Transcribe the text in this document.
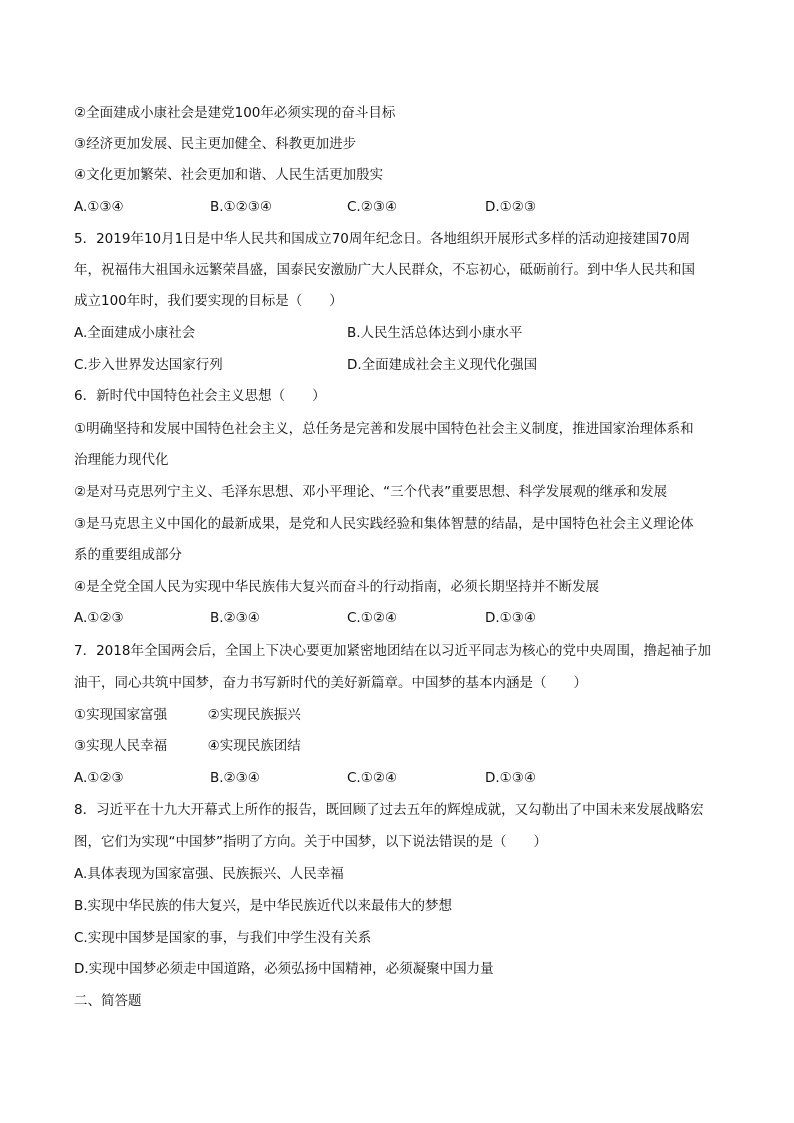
②全面建成小康社会是建党100年必须实现的奋斗目标
③经济更加发展、民主更加健全、科教更加进步
④文化更加繁荣、社会更加和谐、人民生活更加殷实
A.①③④	B.①②③④	C.②③④	D.①②③
5．2019年10月1日是中华人民共和国成立70周年纪念日。各地组织开展形式多样的活动迎接建国70周
年，祝福伟大祖国永远繁荣昌盛，国泰民安激励广大人民群众，不忘初心，砥砺前行。到中华人民共和国
成立100年时，我们要实现的目标是（　　）
A.全面建成小康社会	B.人民生活总体达到小康水平
C.步入世界发达国家行列	D.全面建成社会主义现代化强国
6．新时代中国特色社会主义思想（　　）
①明确坚持和发展中国特色社会主义，总任务是完善和发展中国特色社会主义制度，推进国家治理体系和
治理能力现代化
②是对马克思列宁主义、毛泽东思想、邓小平理论、“三个代表”重要思想、科学发展观的继承和发展
③是马克思主义中国化的最新成果，是党和人民实践经验和集体智慧的结晶，是中国特色社会主义理论体
系的重要组成部分
④是全党全国人民为实现中华民族伟大复兴而奋斗的行动指南，必须长期坚持并不断发展
A.①②③	B.②③④	C.①②④	D.①③④
7．2018年全国两会后，全国上下决心要更加紧密地团结在以习近平同志为核心的党中央周围，撸起袖子加
油干，同心共筑中国梦，奋力书写新时代的美好新篇章。中国梦的基本内涵是（　　）
①实现国家富强　　　②实现民族振兴
③实现人民幸福　　　④实现民族团结
A.①②③	B.②③④	C.①②④	D.①③④
8．习近平在十九大开幕式上所作的报告，既回顾了过去五年的辉煌成就，又勾勒出了中国未来发展战略宏
图，它们为实现“中国梦”指明了方向。关于中国梦，以下说法错误的是（　　）
A.具体表现为国家富强、民族振兴、人民幸福
B.实现中华民族的伟大复兴，是中华民族近代以来最伟大的梦想
C.实现中国梦是国家的事，与我们中学生没有关系
D.实现中国梦必须走中国道路，必须弘扬中国精神，必须凝聚中国力量
二、简答题
